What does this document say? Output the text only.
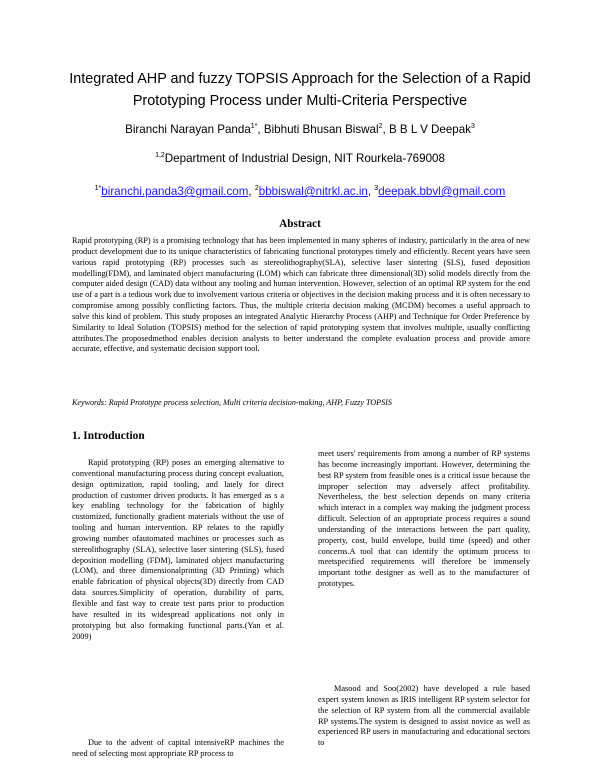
Integrated AHP and fuzzy TOPSIS Approach for the Selection of a Rapid
Prototyping Process under Multi-Criteria Perspective
Biranchi Narayan Panda$^{1*}$, Bibhuti Bhusan Biswal$^2$, B B L V Deepak$^3$
$^{1,2}$Department of Industrial Design, NIT Rourkela-769008
$^{1*}$biranchi.panda3@gmail.com, $^2$bbbiswal@nitrkl.ac.in, $^3$deepak.bbvl@gmail.com
Abstract

Rapid prototyping (RP) is a promising technology that has been implemented in many spheres of industry, particularly in the area of new product development due to its unique characteristics of fabricating functional prototypes timely and efficiently. Recent years have seen various rapid prototyping (RP) processes such as stereolithography(SLA), selective laser sintering (SLS), fused deposition modelling(FDM), and laminated object manufacturing (LOM) which can fabricate three dimensional(3D) solid models directly from the computer aided design (CAD) data without any tooling and human intervention. However, selection of an optimal RP system for the end use of a part is a tedious work due to involvement various criteria or objectives in the decision making process and it is often necessary to compromise among possibly conflicting factors. Thus, the multiple criteria decision making (MCDM) becomes a useful approach to solve this kind of problem. This study proposes an integrated Analytic Hierarchy Process (AHP) and Technique for Order Preference by Similarity to Ideal Solution (TOPSIS) method for the selection of rapid prototyping system that involves multiple, usually conflicting attributes.The proposedmethod enables decision analysts to better understand the complete evaluation process and provide amore accurate, effective, and systematic decision support tool.

Keywords: Rapid Prototype process selection, Multi criteria decision-making, AHP, Fuzzy TOPSIS
1. Introduction

Rapid prototyping (RP) poses an emerging alternative to conventional manufacturing process during concept evaluation, design optimization, rapid tooling, and lately for direct production of customer driven products. It has emerged as s a key enabling technology for the fabrication of highly customized, functionally gradient materials without the use of tooling and human intervention. RP relates to the rapidly growing number ofautomated machines or processes such as stereolithography (SLA), selective laser sintering (SLS), fused deposition modelling (FDM), laminated object manufacturing (LOM), and three dimensionalprinting (3D Printing) which enable fabrication of physical objects(3D) directly from CAD data sources.Simplicity of operation, durability of parts, flexible and fast way to create test parts prior to production have resulted in its widespread applications not only in prototyping but also formaking functional parts.(Yan et al. 2009)

Due to the advent of capital intensiveRP machines the need of selecting most appropriate RP process to

meet users' requirements from among a number of RP systems has become increasingly important. However, determining the best RP system from feasible ones is a critical issue because the improper selection may adversely affect profitability. Nevertheless, the best selection depends on many criteria which interact in a complex way making the judgment process difficult. Selection of an appropriate process requires a sound understanding of the interactions between the part quality, property, cost, build envelope, build time (speed) and other concerns.A tool that can identify the optimum process to meetspecified requirements will therefore be immensely important tothe designer as well as to the manufacturer of prototypes.

Masood and Soo(2002) have developed a rule based expert system known as IRIS intelligent RP system selector for the selection of RP system from all the commercial available RP systems.The system is designed to assist novice as well as experienced RP users in manufacturing and educational sectors to
